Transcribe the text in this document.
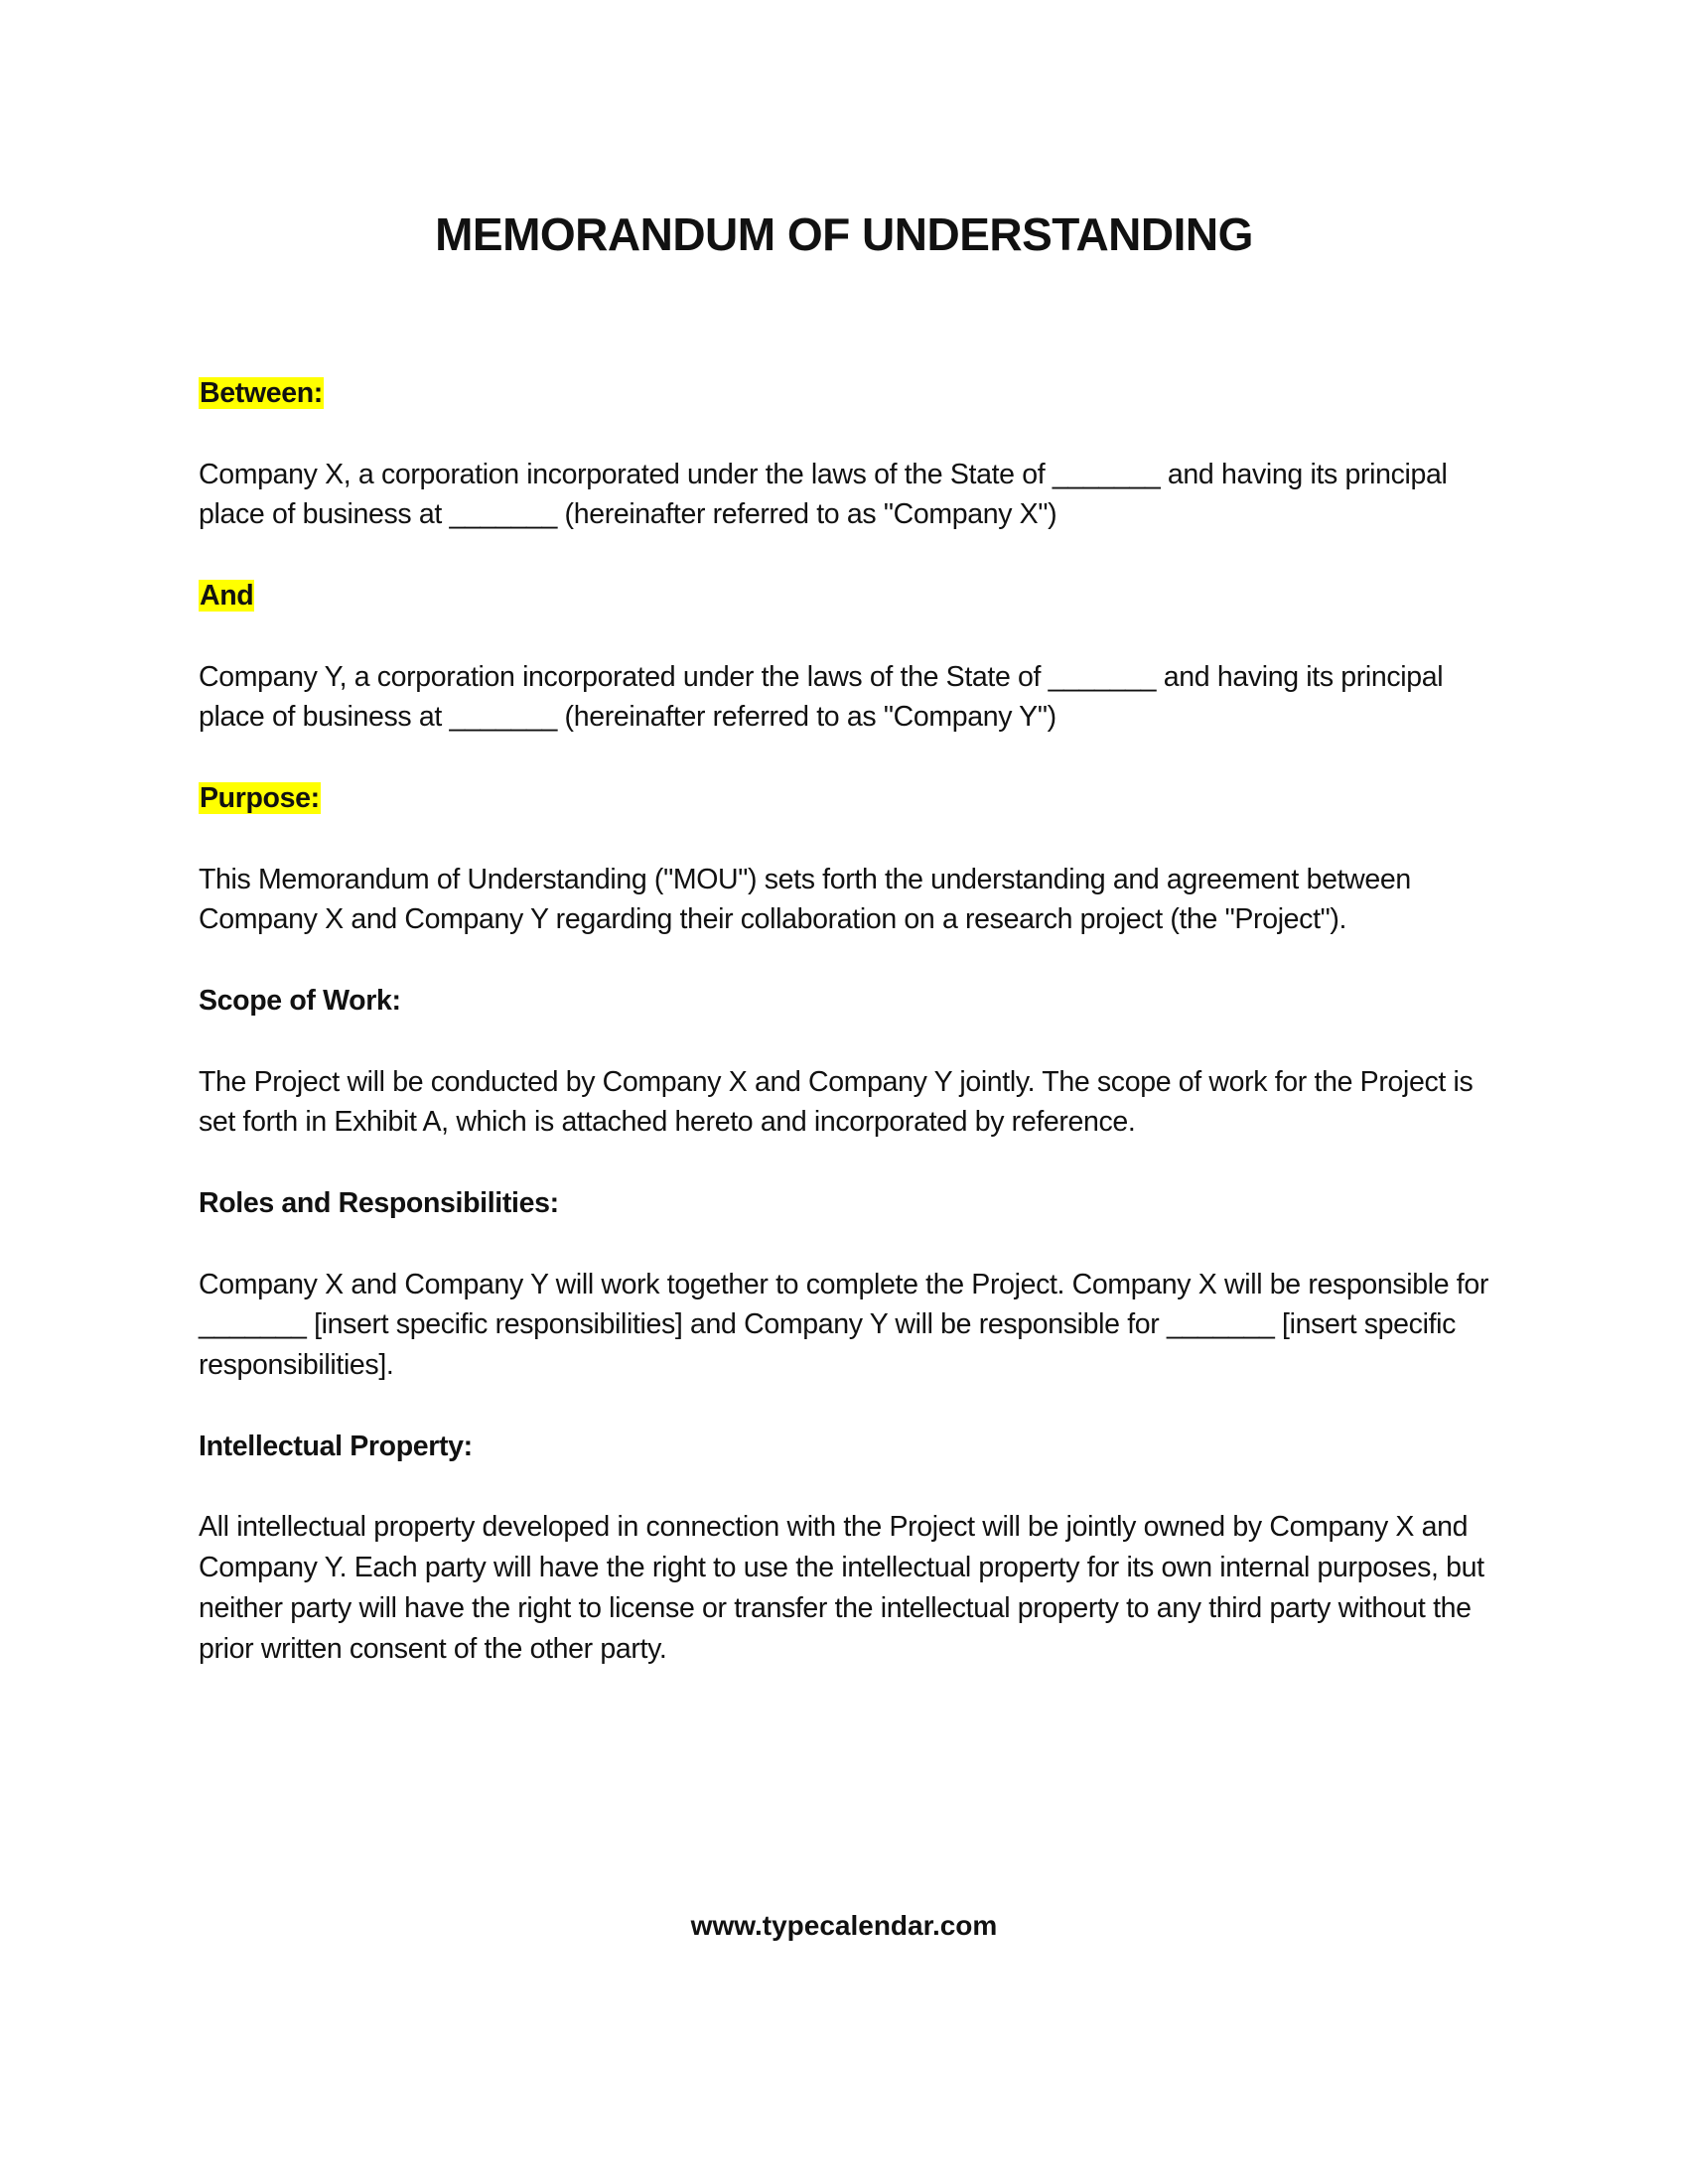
MEMORANDUM OF UNDERSTANDING
Between:
Company X, a corporation incorporated under the laws of the State of _______ and having its principal place of business at _______ (hereinafter referred to as "Company X")
And
Company Y, a corporation incorporated under the laws of the State of _______ and having its principal place of business at _______ (hereinafter referred to as "Company Y")
Purpose:
This Memorandum of Understanding ("MOU") sets forth the understanding and agreement between Company X and Company Y regarding their collaboration on a research project (the "Project").
Scope of Work:
The Project will be conducted by Company X and Company Y jointly. The scope of work for the Project is set forth in Exhibit A, which is attached hereto and incorporated by reference.
Roles and Responsibilities:
Company X and Company Y will work together to complete the Project. Company X will be responsible for _______ [insert specific responsibilities] and Company Y will be responsible for _______ [insert specific responsibilities].
Intellectual Property:
All intellectual property developed in connection with the Project will be jointly owned by Company X and Company Y. Each party will have the right to use the intellectual property for its own internal purposes, but neither party will have the right to license or transfer the intellectual property to any third party without the prior written consent of the other party.
www.typecalendar.com
